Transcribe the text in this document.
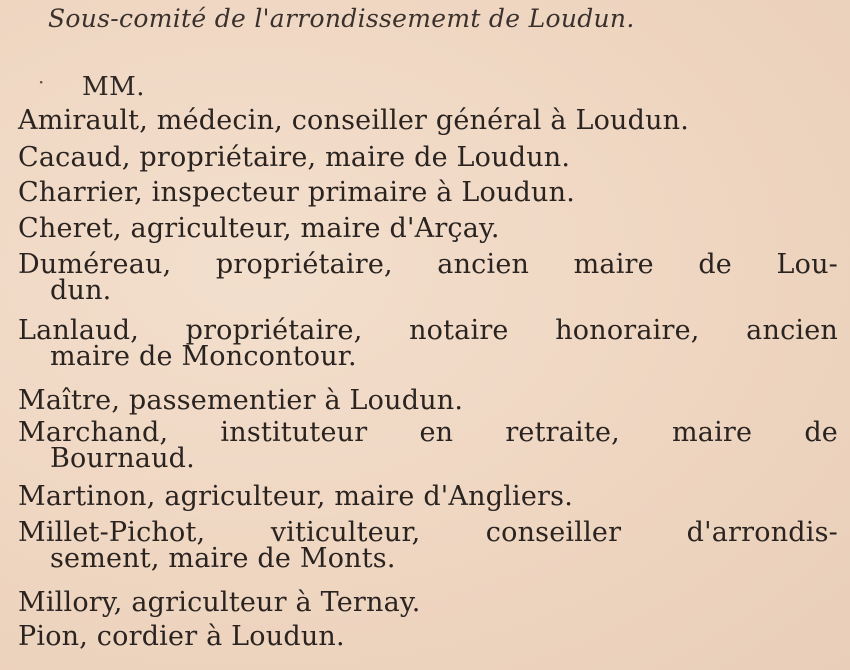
Sous-comité de l'arrondissememt de Loudun.
· MM.
Amirault, médecin, conseiller général à Loudun.
Cacaud, propriétaire, maire de Loudun.
Charrier, inspecteur primaire à Loudun.
Cheret, agriculteur, maire d'Arçay.
Duméreau, propriétaire, ancien maire de Lou-
dun.
Lanlaud, propriétaire, notaire honoraire, ancien
maire de Moncontour.
Maître, passementier à Loudun.
Marchand, instituteur en retraite, maire de
Bournaud.
Martinon, agriculteur, maire d'Angliers.
Millet-Pichot, viticulteur, conseiller d'arrondis-
sement, maire de Monts.
Millory, agriculteur à Ternay.
Pion, cordier à Loudun.
